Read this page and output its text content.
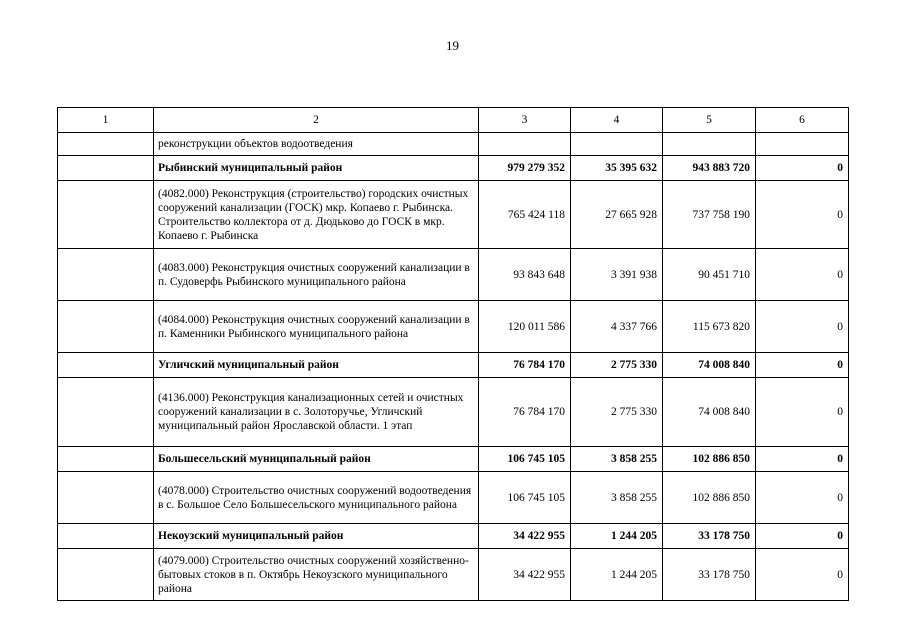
19
1	2	3	4	5	6
	реконструкции объектов водоотведения				
	Рыбинский муниципальный район	979 279 352	35 395 632	943 883 720	0
	(4082.000) Реконструкция (строительство) городских очистных сооружений канализации (ГОСК) мкр. Копаево г. Рыбинска. Строительство коллектора от д. Дюдьково до ГОСК в мкр. Копаево г. Рыбинска	765 424 118	27 665 928	737 758 190	0
	(4083.000) Реконструкция очистных сооружений канализации в п. Судоверфь Рыбинского муниципального района	93 843 648	3 391 938	90 451 710	0
	(4084.000) Реконструкция очистных сооружений канализации в п. Каменники Рыбинского муниципального района	120 011 586	4 337 766	115 673 820	0
	Угличский муниципальный район	76 784 170	2 775 330	74 008 840	0
	(4136.000) Реконструкция канализационных сетей и очистных сооружений канализации в с. Золоторучье, Угличский муниципальный район Ярославской области. 1 этап	76 784 170	2 775 330	74 008 840	0
	Большесельский муниципальный район	106 745 105	3 858 255	102 886 850	0
	(4078.000) Строительство очистных сооружений водоотведения в с. Большое Село Большесельского муниципального района	106 745 105	3 858 255	102 886 850	0
	Некоузский муниципальный район	34 422 955	1 244 205	33 178 750	0
	(4079.000) Строительство очистных сооружений хозяйственно-бытовых стоков в п. Октябрь Некоузского муниципального района	34 422 955	1 244 205	33 178 750	0
